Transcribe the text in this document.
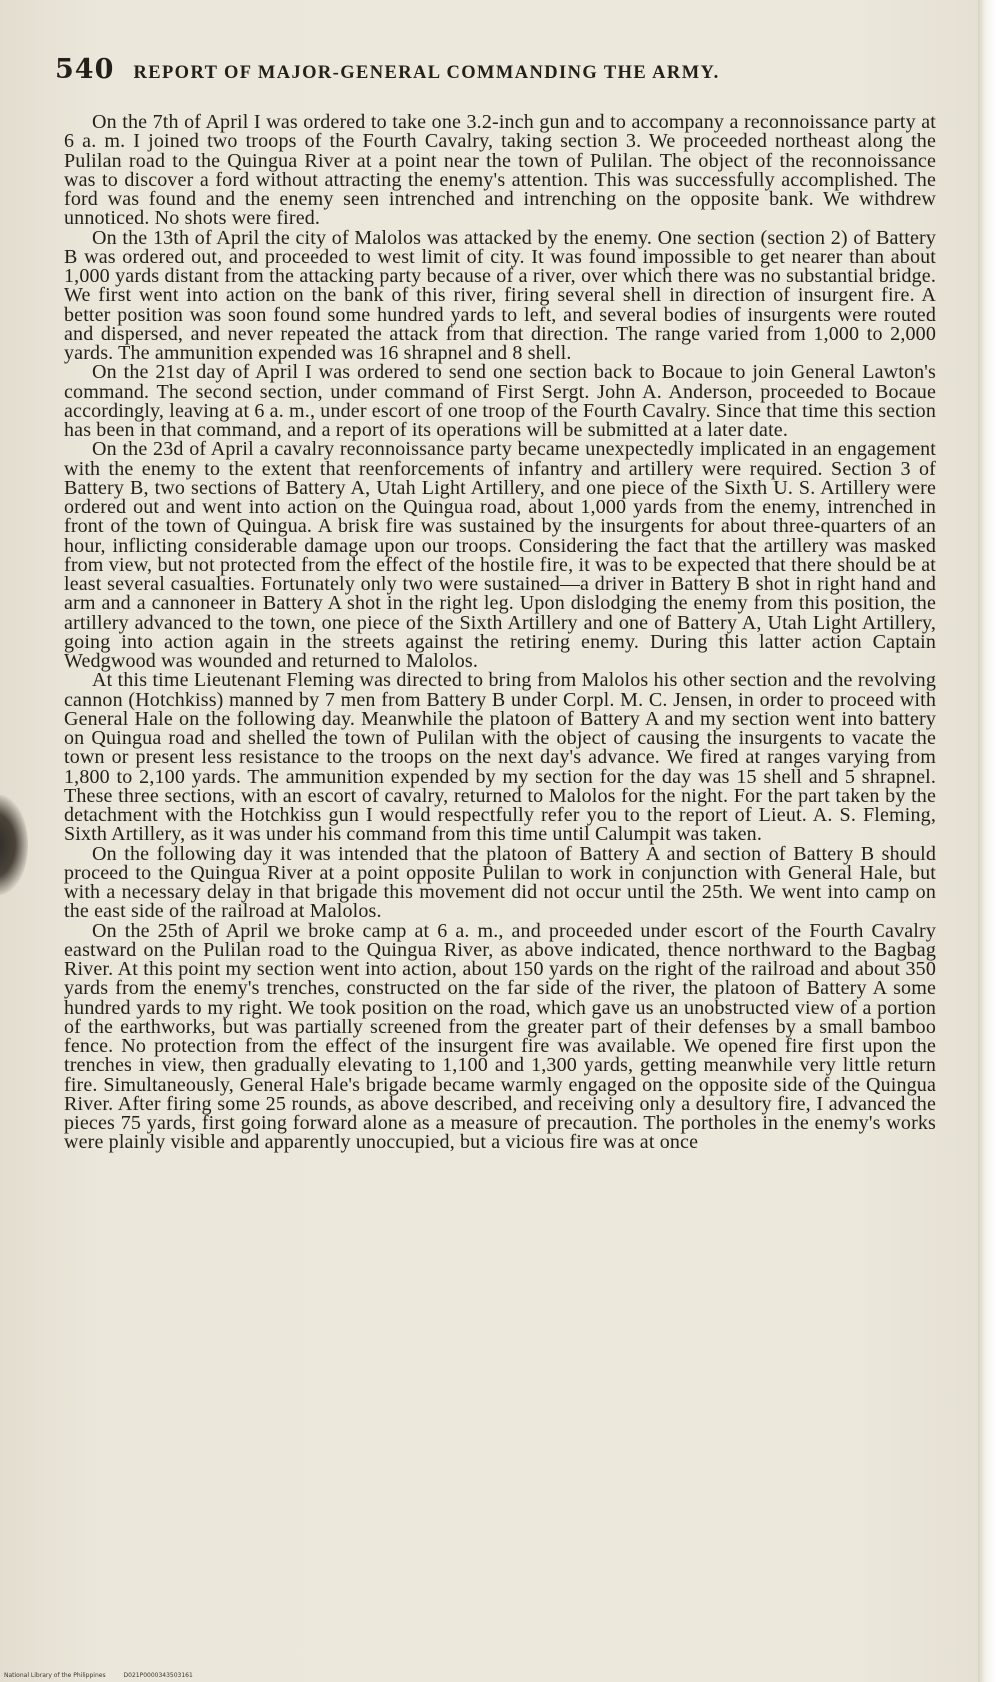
540 REPORT OF MAJOR-GENERAL COMMANDING THE ARMY.

On the 7th of April I was ordered to take one 3.2-inch gun and to accompany a reconnoissance party at 6 a. m. I joined two troops of the Fourth Cavalry, taking section 3. We proceeded northeast along the Pulilan road to the Quingua River at a point near the town of Pulilan. The object of the reconnoissance was to discover a ford without attracting the enemy's attention. This was successfully accomplished. The ford was found and the enemy seen intrenched and intrenching on the opposite bank. We withdrew unnoticed. No shots were fired.

On the 13th of April the city of Malolos was attacked by the enemy. One section (section 2) of Battery B was ordered out, and proceeded to west limit of city. It was found impossible to get nearer than about 1,000 yards distant from the attacking party because of a river, over which there was no substantial bridge. We first went into action on the bank of this river, firing several shell in direction of insurgent fire. A better position was soon found some hundred yards to left, and several bodies of insurgents were routed and dispersed, and never repeated the attack from that direction. The range varied from 1,000 to 2,000 yards. The ammunition expended was 16 shrapnel and 8 shell.

On the 21st day of April I was ordered to send one section back to Bocaue to join General Lawton's command. The second section, under command of First Sergt. John A. Anderson, proceeded to Bocaue accordingly, leaving at 6 a. m., under escort of one troop of the Fourth Cavalry. Since that time this section has been in that command, and a report of its operations will be submitted at a later date.

On the 23d of April a cavalry reconnoissance party became unexpectedly implicated in an engagement with the enemy to the extent that reenforcements of infantry and artillery were required. Section 3 of Battery B, two sections of Battery A, Utah Light Artillery, and one piece of the Sixth U. S. Artillery were ordered out and went into action on the Quingua road, about 1,000 yards from the enemy, intrenched in front of the town of Quingua. A brisk fire was sustained by the insurgents for about three-quarters of an hour, inflicting considerable damage upon our troops. Considering the fact that the artillery was masked from view, but not protected from the effect of the hostile fire, it was to be expected that there should be at least several casualties. Fortunately only two were sustained—a driver in Battery B shot in right hand and arm and a cannoneer in Battery A shot in the right leg. Upon dislodging the enemy from this position, the artillery advanced to the town, one piece of the Sixth Artillery and one of Battery A, Utah Light Artillery, going into action again in the streets against the retiring enemy. During this latter action Captain Wedgwood was wounded and returned to Malolos.

At this time Lieutenant Fleming was directed to bring from Malolos his other section and the revolving cannon (Hotchkiss) manned by 7 men from Battery B under Corpl. M. C. Jensen, in order to proceed with General Hale on the following day. Meanwhile the platoon of Battery A and my section went into battery on Quingua road and shelled the town of Pulilan with the object of causing the insurgents to vacate the town or present less resistance to the troops on the next day's advance. We fired at ranges varying from 1,800 to 2,100 yards. The ammunition expended by my section for the day was 15 shell and 5 shrapnel. These three sections, with an escort of cavalry, returned to Malolos for the night. For the part taken by the detachment with the Hotchkiss gun I would respectfully refer you to the report of Lieut. A. S. Fleming, Sixth Artillery, as it was under his command from this time until Calumpit was taken.

On the following day it was intended that the platoon of Battery A and section of Battery B should proceed to the Quingua River at a point opposite Pulilan to work in conjunction with General Hale, but with a necessary delay in that brigade this movement did not occur until the 25th. We went into camp on the east side of the railroad at Malolos.

On the 25th of April we broke camp at 6 a. m., and proceeded under escort of the Fourth Cavalry eastward on the Pulilan road to the Quingua River, as above indicated, thence northward to the Bagbag River. At this point my section went into action, about 150 yards on the right of the railroad and about 350 yards from the enemy's trenches, constructed on the far side of the river, the platoon of Battery A some hundred yards to my right. We took position on the road, which gave us an unobstructed view of a portion of the earthworks, but was partially screened from the greater part of their defenses by a small bamboo fence. No protection from the effect of the insurgent fire was available. We opened fire first upon the trenches in view, then gradually elevating to 1,100 and 1,300 yards, getting meanwhile very little return fire. Simultaneously, General Hale's brigade became warmly engaged on the opposite side of the Quingua River. After firing some 25 rounds, as above described, and receiving only a desultory fire, I advanced the pieces 75 yards, first going forward alone as a measure of precaution. The portholes in the enemy's works were plainly visible and apparently unoccupied, but a vicious fire was at once

National Library of the Philippines	D021P0000343503161
